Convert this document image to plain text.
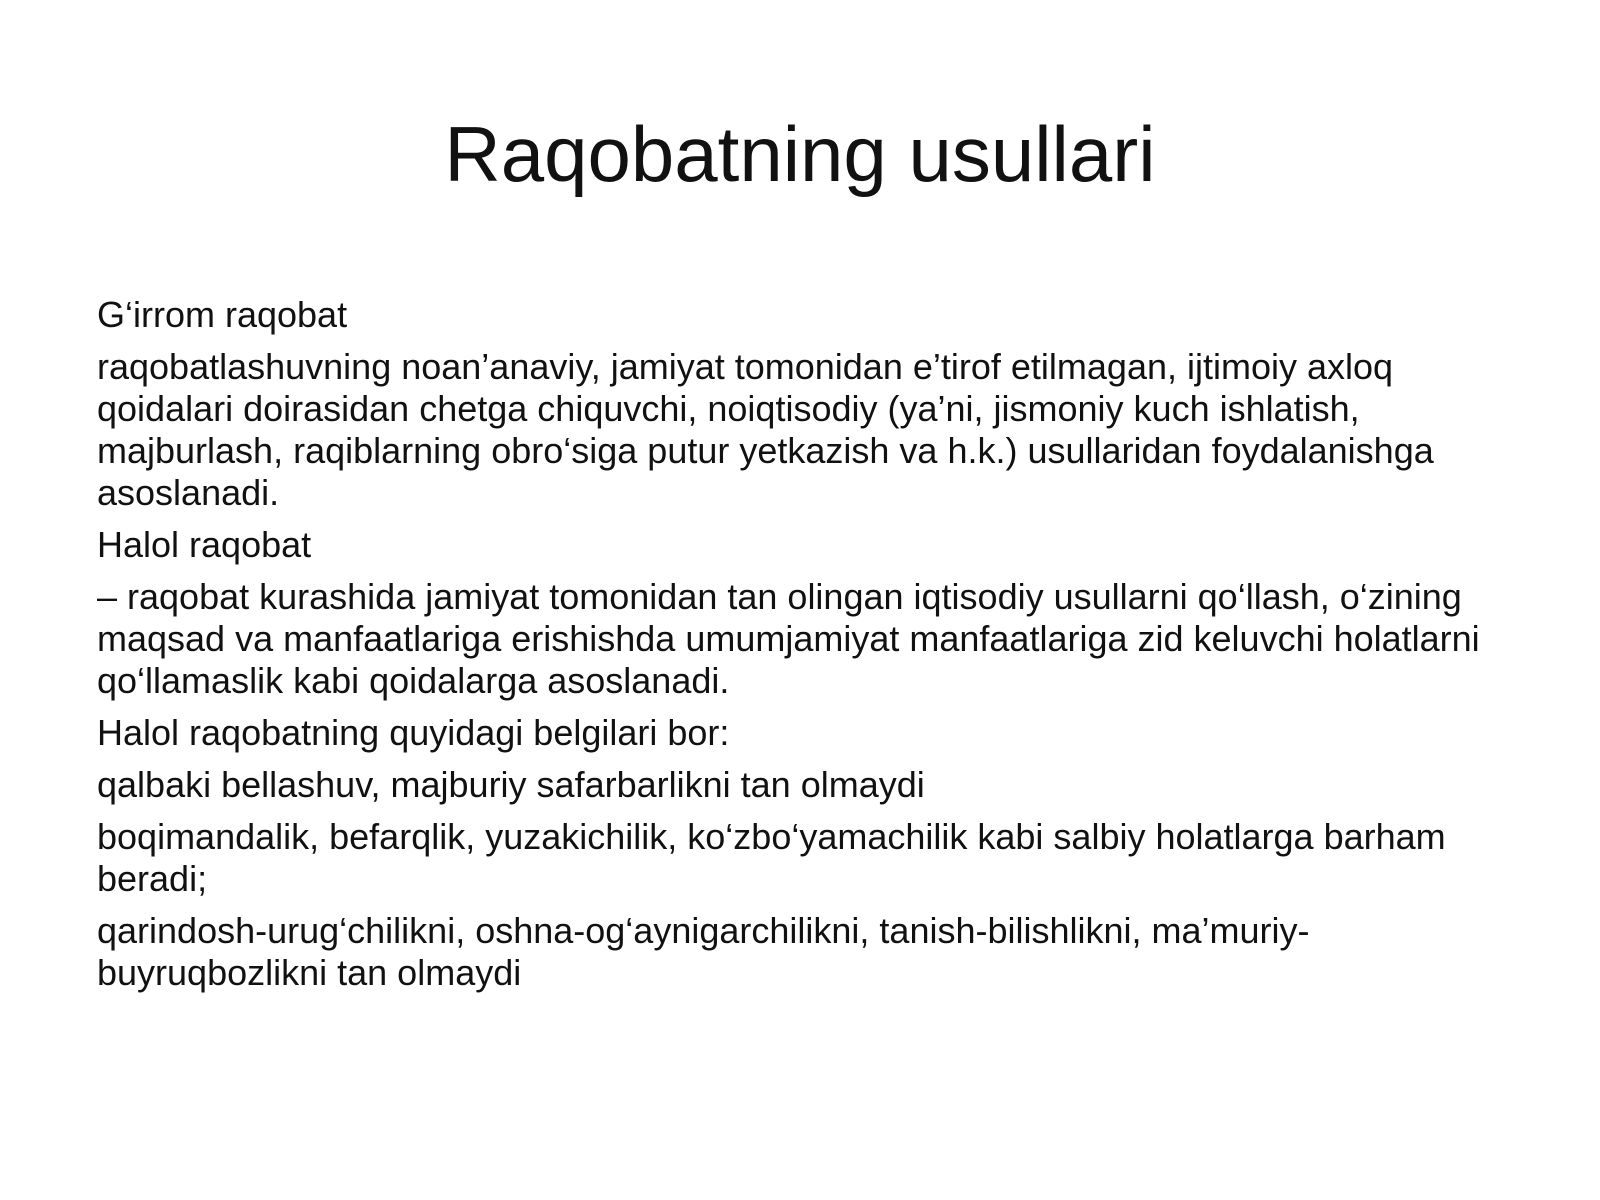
Raqobatning usullari

G‘irrom raqobat

raqobatlashuvning noan’anaviy, jamiyat tomonidan e’tirof etilmagan, ijtimoiy axloq qoidalari doirasidan chetga chiquvchi, noiqtisodiy (ya’ni, jismoniy kuch ishlatish, majburlash, raqiblarning obro‘siga putur yetkazish va h.k.) usullaridan foydalanishga asoslanadi.

Halol raqobat

– raqobat kurashida jamiyat tomonidan tan olingan iqtisodiy usullarni qo‘llash, o‘zining maqsad va manfaatlariga erishishda umumjamiyat manfaatlariga zid keluvchi holatlarni qo‘llamaslik kabi qoidalarga asoslanadi.

Halol raqobatning quyidagi belgilari bor:

qalbaki bellashuv, majburiy safarbarlikni tan olmaydi

boqimandalik, befarqlik, yuzakichilik, ko‘zbo‘yamachilik kabi salbiy holatlarga barham beradi;

qarindosh-urug‘chilikni, oshna-og‘aynigarchilikni, tanish-bilishlikni, ma’muriy-buyruqbozlikni tan olmaydi
